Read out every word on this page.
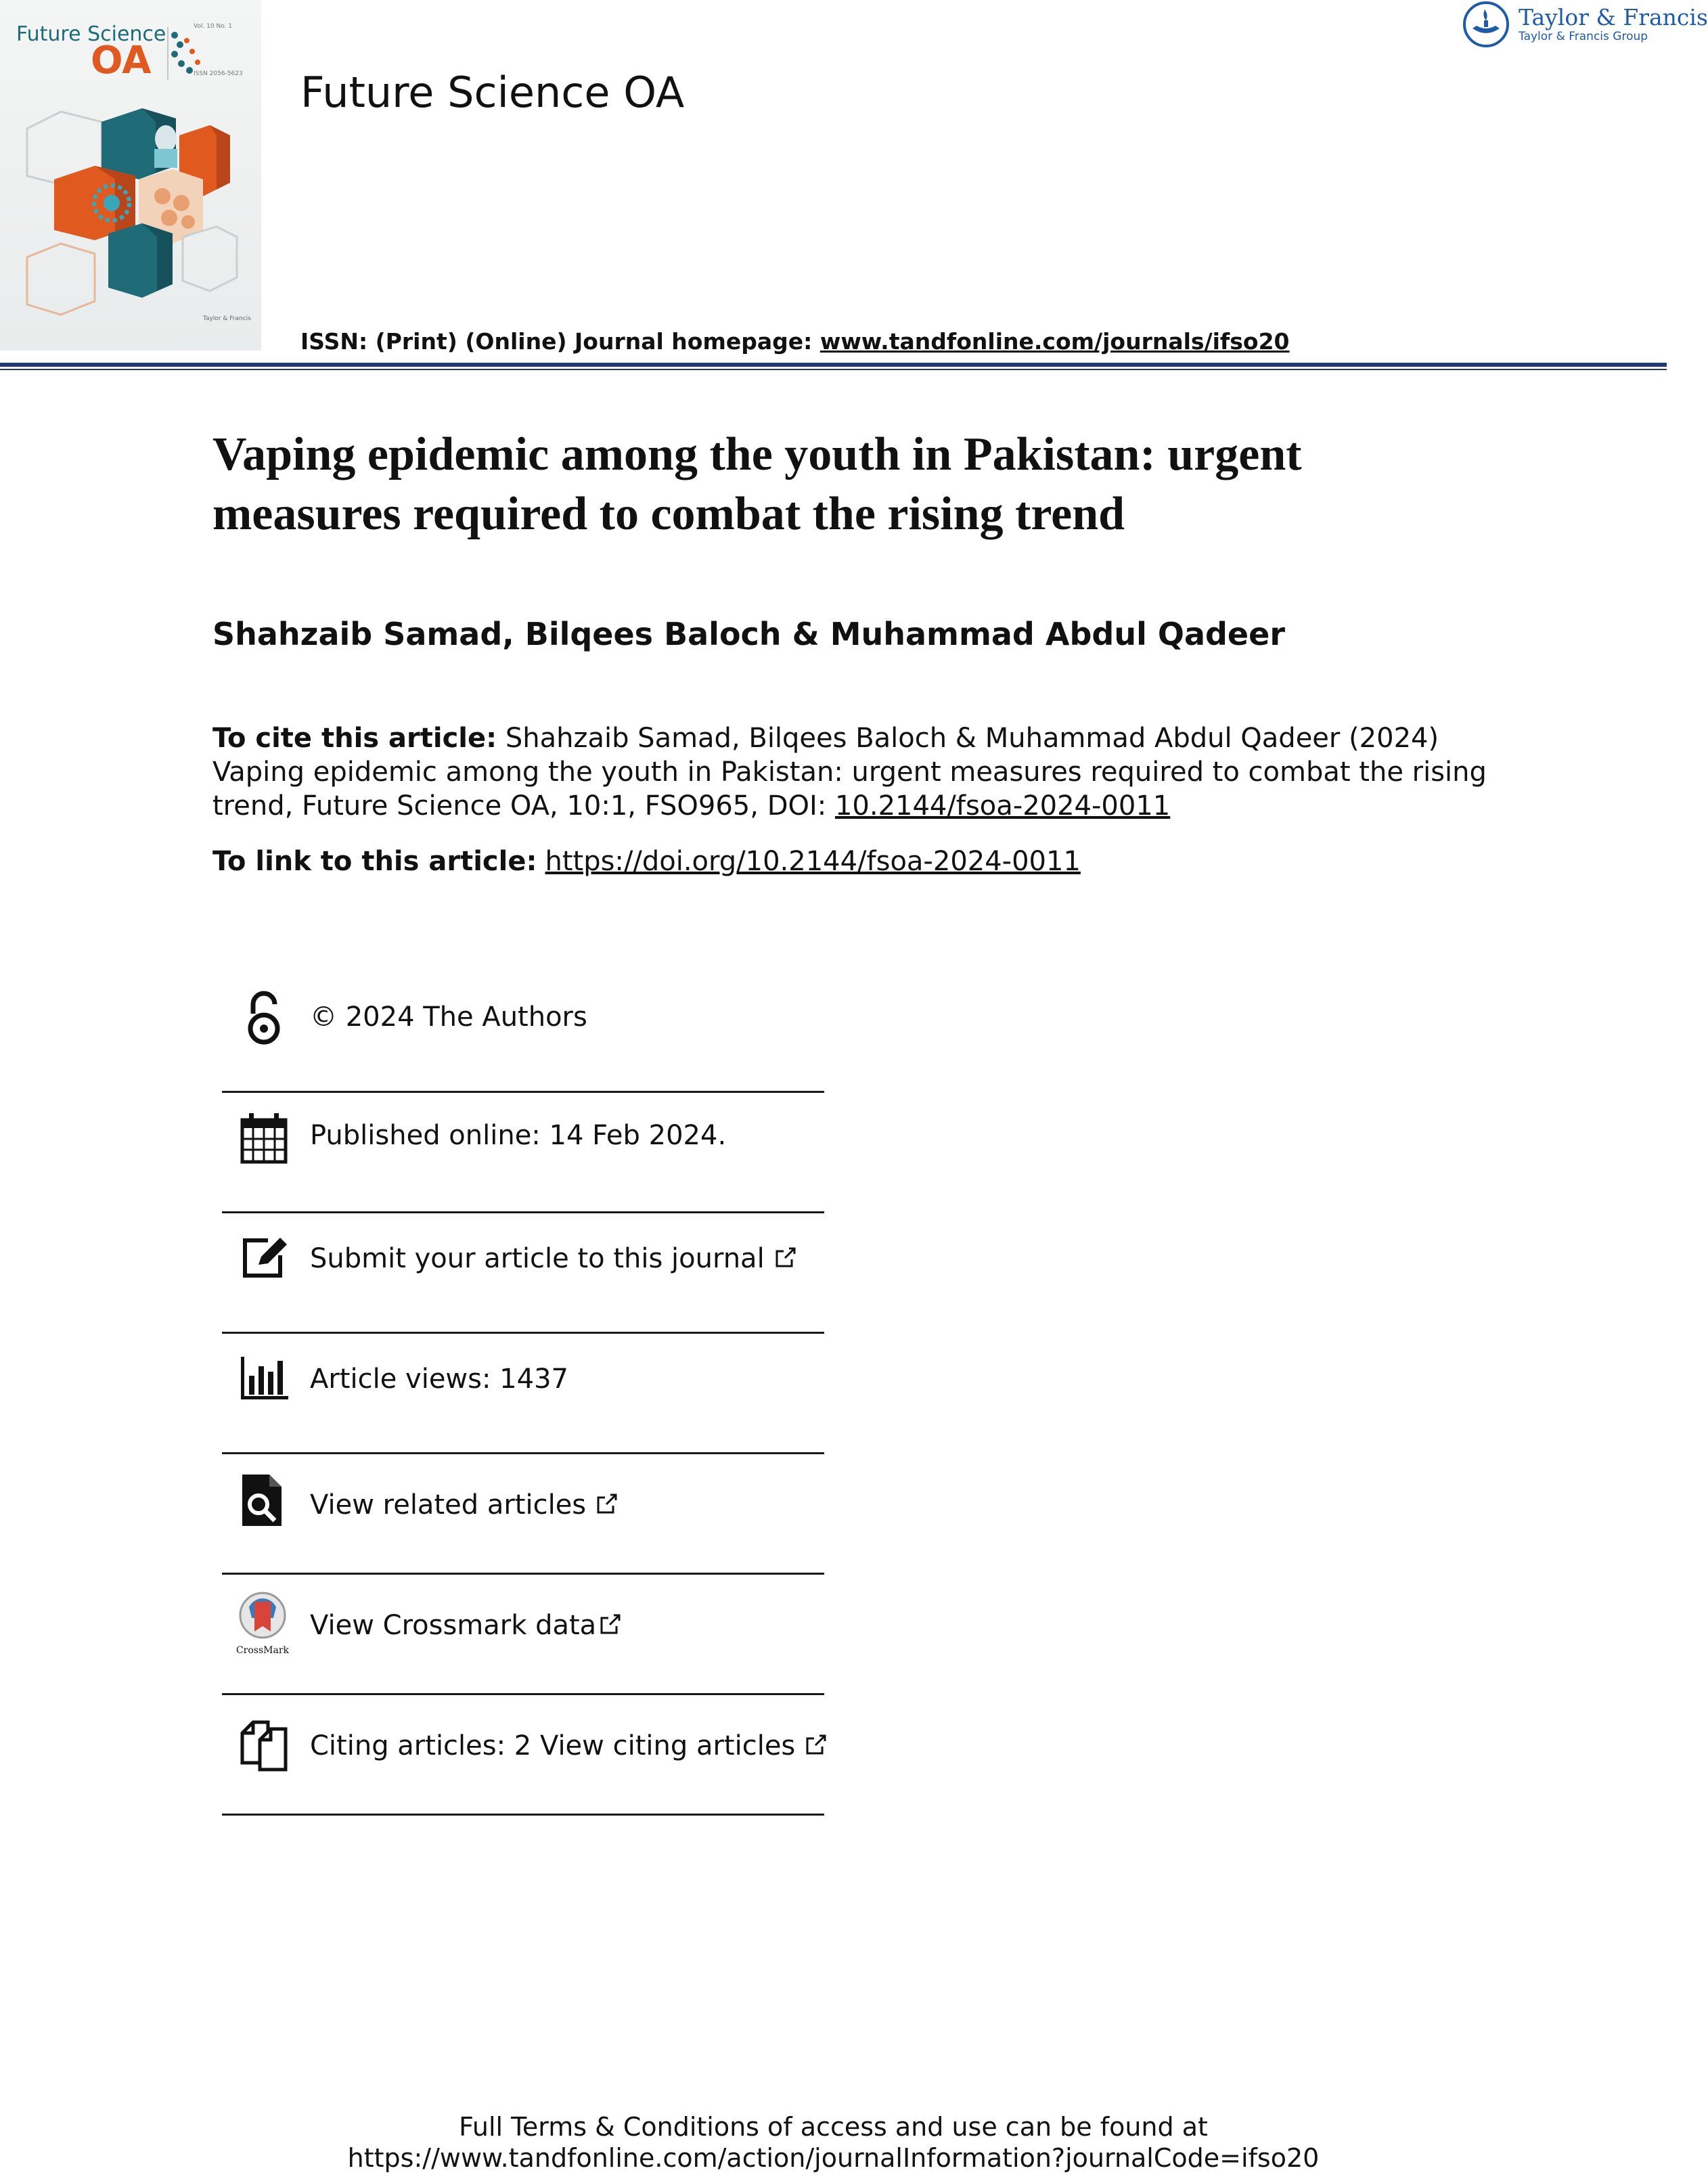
Future Science
OA
Vol. 10 No. 1
ISSN 2056-5623
Taylor & Francis
Future Science OA
ISSN: (Print) (Online) Journal homepage: www.tandfonline.com/journals/ifso20
Taylor & Francis
Taylor & Francis Group
Vaping epidemic among the youth in Pakistan: urgent measures required to combat the rising trend
Shahzaib Samad, Bilqees Baloch & Muhammad Abdul Qadeer
To cite this article: Shahzaib Samad, Bilqees Baloch & Muhammad Abdul Qadeer (2024) Vaping epidemic among the youth in Pakistan: urgent measures required to combat the rising trend, Future Science OA, 10:1, FSO965, DOI: 10.2144/fsoa-2024-0011
To link to this article: https://doi.org/10.2144/fsoa-2024-0011
© 2024 The Authors
Published online: 14 Feb 2024.
Submit your article to this journal
Article views: 1437
View related articles
CrossMark
View Crossmark data
Citing articles: 2 View citing articles
Full Terms & Conditions of access and use can be found at
https://www.tandfonline.com/action/journalInformation?journalCode=ifso20
